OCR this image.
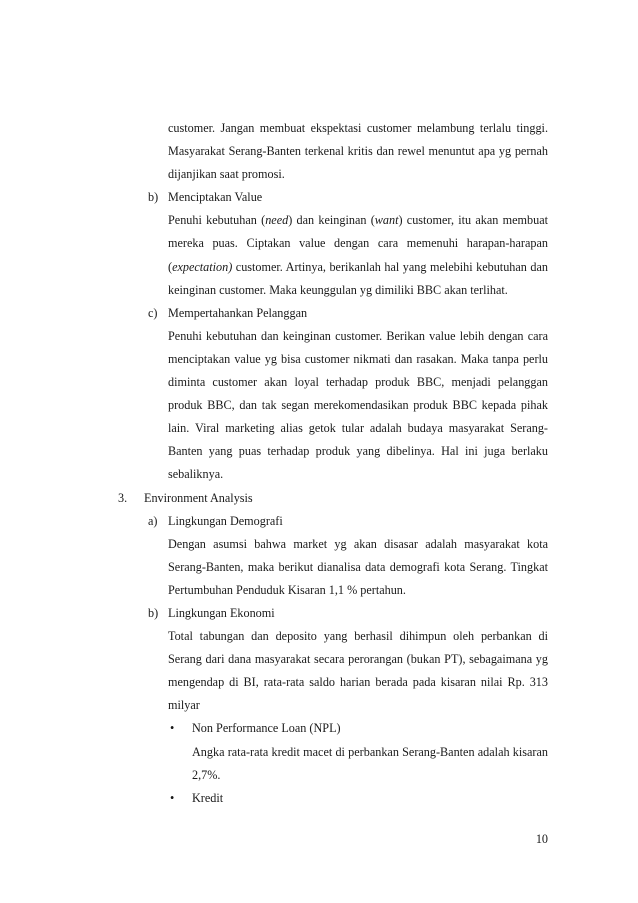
customer. Jangan membuat ekspektasi customer melambung terlalu tinggi. Masyarakat Serang-Banten terkenal kritis dan rewel menuntut apa yg pernah dijanjikan saat promosi.
b) Menciptakan Value
Penuhi kebutuhan (need) dan keinginan (want) customer, itu akan membuat mereka puas. Ciptakan value dengan cara memenuhi harapan-harapan (expectation) customer. Artinya, berikanlah hal yang melebihi kebutuhan dan keinginan customer. Maka keunggulan yg dimiliki BBC akan terlihat.
c) Mempertahankan Pelanggan
Penuhi kebutuhan dan keinginan customer. Berikan value lebih dengan cara menciptakan value yg bisa customer nikmati dan rasakan. Maka tanpa perlu diminta customer akan loyal terhadap produk BBC, menjadi pelanggan produk BBC, dan tak segan merekomendasikan produk BBC kepada pihak lain. Viral marketing alias getok tular adalah budaya masyarakat Serang-Banten yang puas terhadap produk yang dibelinya. Hal ini juga berlaku sebaliknya.
3. Environment Analysis
a) Lingkungan Demografi
Dengan asumsi bahwa market yg akan disasar adalah masyarakat kota Serang-Banten, maka berikut dianalisa data demografi kota Serang. Tingkat Pertumbuhan Penduduk Kisaran 1,1 % pertahun.
b) Lingkungan Ekonomi
Total tabungan dan deposito yang berhasil dihimpun oleh perbankan di Serang dari dana masyarakat secara perorangan (bukan PT), sebagaimana yg mengendap di BI, rata-rata saldo harian berada pada kisaran nilai Rp. 313 milyar
• Non Performance Loan (NPL)
Angka rata-rata kredit macet di perbankan Serang-Banten adalah kisaran 2,7%.
• Kredit
10
